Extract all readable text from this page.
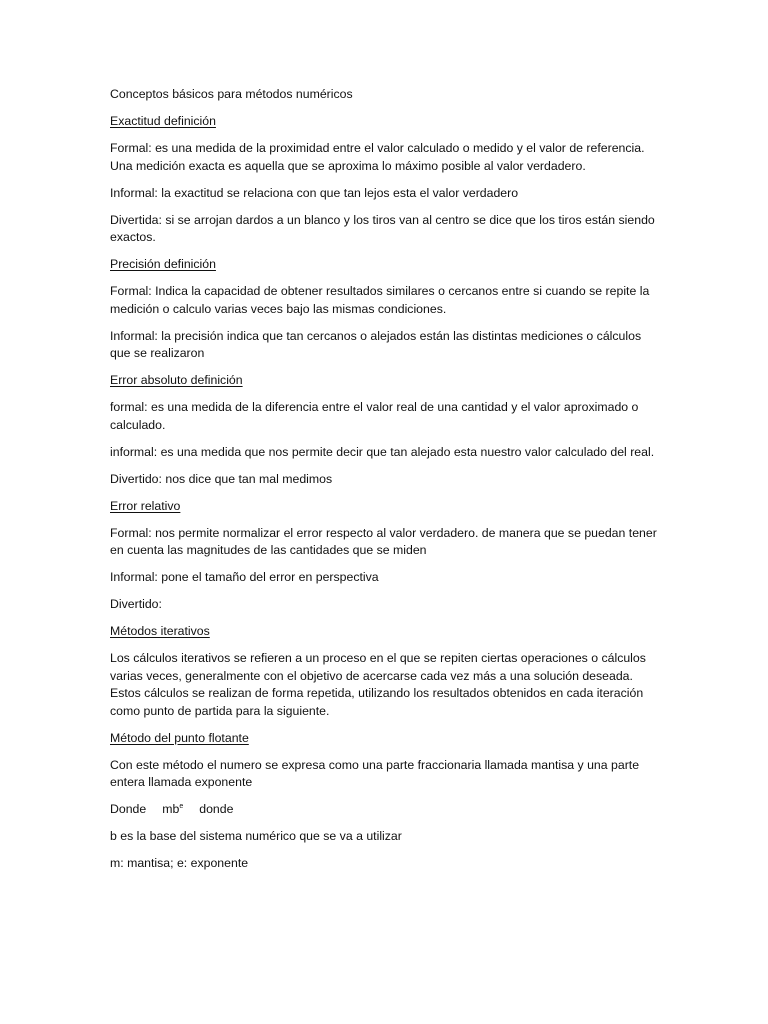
Conceptos básicos para métodos numéricos

Exactitud definición

Formal: es una medida de la proximidad entre el valor calculado o medido y el valor de referencia. Una medición exacta es aquella que se aproxima lo máximo posible al valor verdadero.

Informal: la exactitud se relaciona con que tan lejos esta el valor verdadero

Divertida: si se arrojan dardos a un blanco y los tiros van al centro se dice que los tiros están siendo exactos.

Precisión definición

Formal: Indica la capacidad de obtener resultados similares o cercanos entre si cuando se repite la medición o calculo varias veces bajo las mismas condiciones.

Informal: la precisión indica que tan cercanos o alejados están las distintas mediciones o cálculos que se realizaron

Error absoluto definición

formal: es una medida de la diferencia entre el valor real de una cantidad y el valor aproximado o calculado.

informal: es una medida que nos permite decir que tan alejado esta nuestro valor calculado del real.

Divertido: nos dice que tan mal medimos

Error relativo

Formal: nos permite normalizar el error respecto al valor verdadero. de manera que se puedan tener en cuenta las magnitudes de las cantidades que se miden

Informal: pone el tamaño del error en perspectiva

Divertido:

Métodos iterativos

Los cálculos iterativos se refieren a un proceso en el que se repiten ciertas operaciones o cálculos varias veces, generalmente con el objetivo de acercarse cada vez más a una solución deseada. Estos cálculos se realizan de forma repetida, utilizando los resultados obtenidos en cada iteración como punto de partida para la siguiente.

Método del punto flotante

Con este método el numero se expresa como una parte fraccionaria llamada mantisa y una parte entera llamada exponente

Donde $mb^e$ donde

b es la base del sistema numérico que se va a utilizar

m: mantisa; e: exponente
